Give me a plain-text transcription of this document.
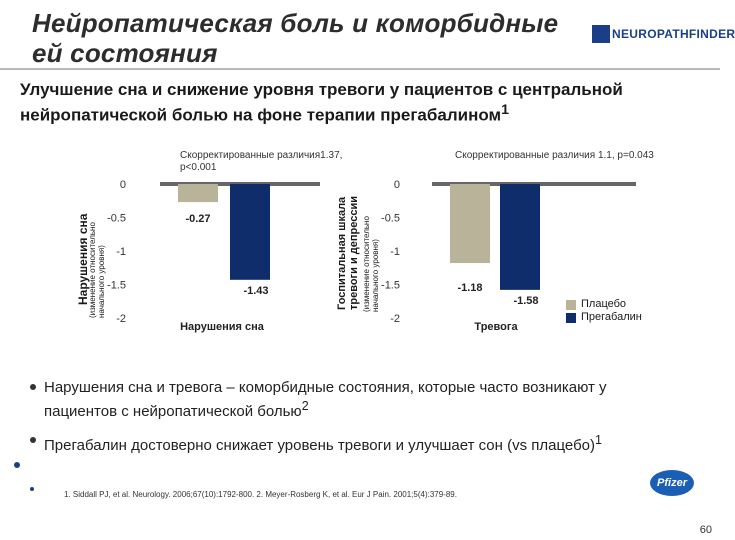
Нейропатическая боль и коморбидные ей состояния
NEUROPATHFINDER
Улучшение сна и снижение уровня тревоги у пациентов с центральной нейропатической болью на фоне терапии прегабалином$^1$
Скорректированные различия1.37, p<0.001
Скорректированные различия 1.1, p=0.043
0
-0.5
-1
-1.5
-2
-0.27
-1.43
Нарушения сна
0
-0.5
-1
-1.5
-2
-1.18
-1.58
Тревога
Нарушения сна
(изменение относительно начального уровня)	Госпитальная шкала тревоги и депрессии (изменение относительно начального уровня)	Плацебо
Прегабалин
Нарушения сна и тревога – коморбидные состояния, которые часто возникают у пациентов с нейропатической болью$^2$
Прегабалин достоверно снижает уровень тревоги и улучшает сон (vs плацебо)$^1$
1. Siddall PJ, et al. Neurology. 2006;67(10):1792-800. 2. Meyer-Rosberg K, et al. Eur J Pain. 2001;5(4):379-89.
Pfizer
60
